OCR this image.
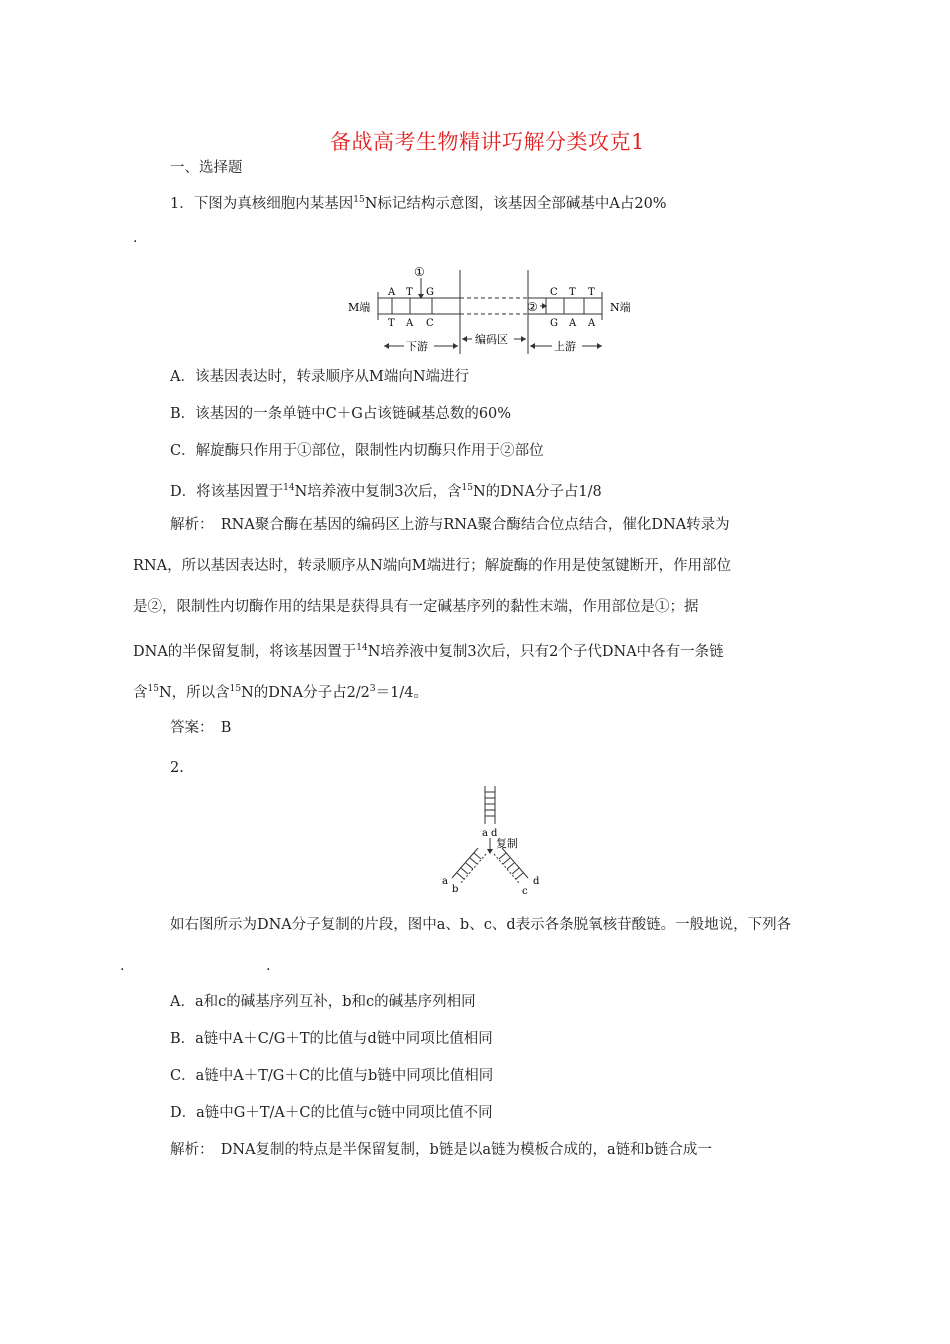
备战高考生物精讲巧解分类攻克1
一、选择题
1．下图为真核细胞内某基因$^{15}$N标记结构示意图，该基因全部碱基中A占20%
.
M端	N端
A T G
T A C
①
C T T
G A A
②
下游
编码区
上游
A．该基因表达时，转录顺序从M端向N端进行
B．该基因的一条单链中C＋G占该链碱基总数的60%
C．解旋酶只作用于①部位，限制性内切酶只作用于②部位
D．将该基因置于$^{14}$N培养液中复制3次后，含$^{15}$N的DNA分子占1/8
解析：　RNA聚合酶在基因的编码区上游与RNA聚合酶结合位点结合，催化DNA转录为
RNA，所以基因表达时，转录顺序从N端向M端进行；解旋酶的作用是使氢键断开，作用部位
是②，限制性内切酶作用的结果是获得具有一定碱基序列的黏性末端，作用部位是①；据
DNA的半保留复制，将该基因置于$^{14}$N培养液中复制3次后，只有2个子代DNA中各有一条链
含$^{15}$N，所以含$^{15}$N的DNA分子占$2/2^3=1/4$。
答案：　B
2.
a d
复制
a
b
d
c
如右图所示为DNA分子复制的片段，图中a、b、c、d表示各条脱氧核苷酸链。一般地说，下列各
.	.
A．a和c的碱基序列互补，b和c的碱基序列相同
B．a链中A＋C/G＋T的比值与d链中同项比值相同
C．a链中A＋T/G＋C的比值与b链中同项比值相同
D．a链中G＋T/A＋C的比值与c链中同项比值不同
解析：　DNA复制的特点是半保留复制，b链是以a链为模板合成的，a链和b链合成一
